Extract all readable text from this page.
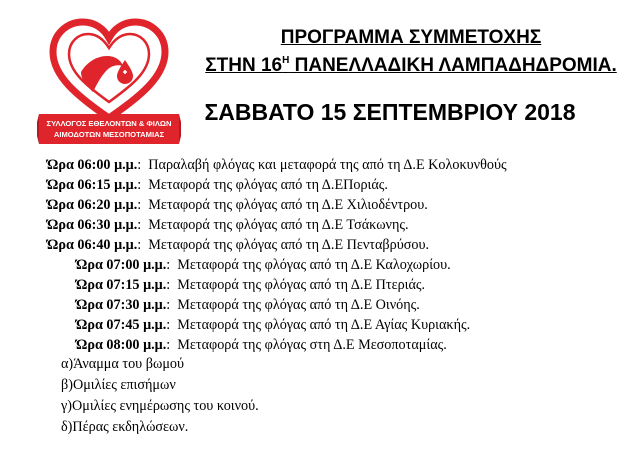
ΣΥΛΛΟΓΟΣ ΕΘΕΛΟΝΤΩΝ & ΦΙΛΩΝ
ΑΙΜΟΔΟΤΩΝ ΜΕΣΟΠΟΤΑΜΙΑΣ
ΠΡΟΓΡΑΜΜΑ ΣΥΜΜΕΤΟΧΗΣ
ΣΤΗΝ $16^H$ ΠΑΝΕΛΛΑΔΙΚΗ ΛΑΜΠΑΔΗΔΡΟΜΙΑ.
ΣΑΒΒΑΤΟ 15 ΣΕΠΤΕΜΒΡΙΟΥ 2018
Ώρα 06:00 μ.μ.: Παραλαβή φλόγας και μεταφορά της από τη Δ.Ε Κολοκυνθούς
Ώρα 06:15 μ.μ.: Μεταφορά της φλόγας από τη Δ.ΕΠοριάς.
Ώρα 06:20 μ.μ.: Μεταφορά της φλόγας από τη Δ.Ε Χιλιοδέντρου.
Ώρα 06:30 μ.μ.: Μεταφορά της φλόγας από τη Δ.Ε Τσάκωνης.
Ώρα 06:40 μ.μ.: Μεταφορά της φλόγας από τη Δ.Ε Πενταβρύσου.
Ώρα 07:00 μ.μ.: Μεταφορά της φλόγας από τη Δ.Ε Καλοχωρίου.
Ώρα 07:15 μ.μ.: Μεταφορά της φλόγας από τη Δ.Ε Πτεριάς.
Ώρα 07:30 μ.μ.: Μεταφορά της φλόγας από τη Δ.Ε Οινόης.
Ώρα 07:45 μ.μ.: Μεταφορά της φλόγας από τη Δ.Ε Αγίας Κυριακής.
Ώρα 08:00 μ.μ.: Μεταφορά της φλόγας στη Δ.Ε Μεσοποταμίας.
α)Άναμμα του βωμού
β)Ομιλίες επισήμων
γ)Ομιλίες ενημέρωσης του κοινού.
δ)Πέρας εκδηλώσεων.
